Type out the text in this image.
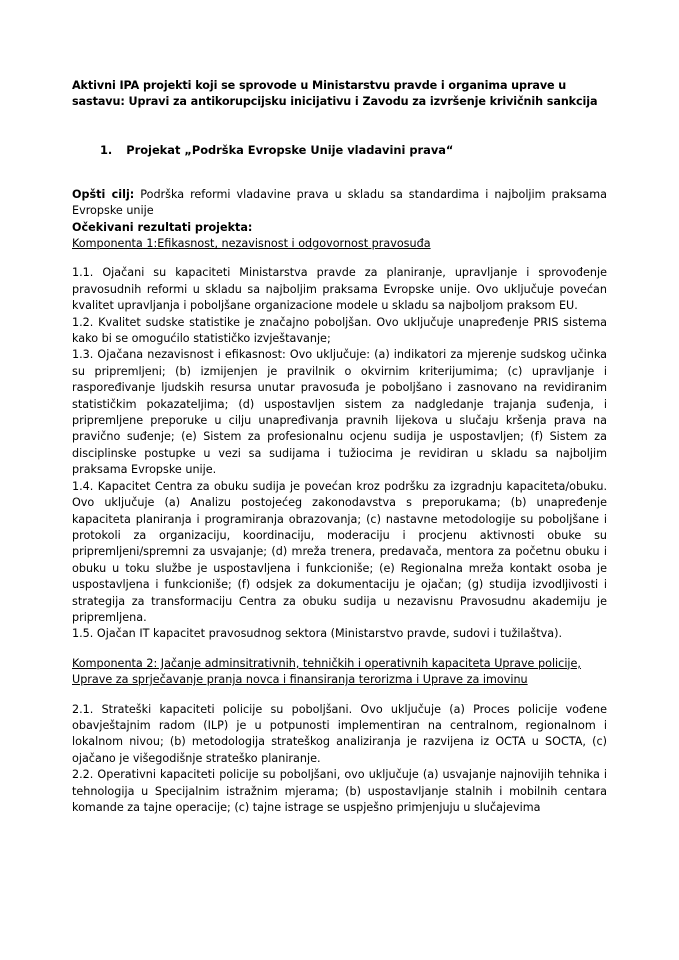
Aktivni IPA projekti koji se sprovode u Ministarstvu pravde i organima uprave u sastavu: Upravi za antikorupcijsku inicijativu i Zavodu za izvršenje krivičnih sankcija
1. Projekat „Podrška Evropske Unije vladavini prava“

Opšti cilj: Podrška reformi vladavine prava u skladu sa standardima i najboljim praksama Evropske unije

Očekivani rezultati projekta:

Komponenta 1:Efikasnost, nezavisnost i odgovornost pravosuđa

1.1. Ojačani su kapaciteti Ministarstva pravde za planiranje, upravljanje i sprovođenje pravosudnih reformi u skladu sa najboljim praksama Evropske unije. Ovo uključuje povećan kvalitet upravljanja i poboljšane organizacione modele u skladu sa najboljom praksom EU.

1.2. Kvalitet sudske statistike je značajno poboljšan. Ovo uključuje unapređenje PRIS sistema kako bi se omogućilo statističko izvještavanje;

1.3. Ojačana nezavisnost i efikasnost: Ovo uključuje: (a) indikatori za mjerenje sudskog učinka su pripremljeni; (b) izmijenjen je pravilnik o okvirnim kriterijumima; (c) upravljanje i raspoređivanje ljudskih resursa unutar pravosuđa je poboljšano i zasnovano na revidiranim statističkim pokazateljima; (d) uspostavljen sistem za nadgledanje trajanja suđenja, i pripremljene preporuke u cilju unapređivanja pravnih lijekova u slučaju kršenja prava na pravično suđenje; (e) Sistem za profesionalnu ocjenu sudija je uspostavljen; (f) Sistem za disciplinske postupke u vezi sa sudijama i tužiocima je revidiran u skladu sa najboljim praksama Evropske unije.

1.4. Kapacitet Centra za obuku sudija je povećan kroz podršku za izgradnju kapaciteta/obuku. Ovo uključuje (a) Analizu postojećeg zakonodavstva s preporukama; (b) unapređenje kapaciteta planiranja i programiranja obrazovanja; (c) nastavne metodologije su poboljšane i protokoli za organizaciju, koordinaciju, moderaciju i procjenu aktivnosti obuke su pripremljeni/spremni za usvajanje; (d) mreža trenera, predavača, mentora za početnu obuku i obuku u toku službe je uspostavljena i funkcioniše; (e) Regionalna mreža kontakt osoba je uspostavljena i funkcioniše; (f) odsjek za dokumentaciju je ojačan; (g) studija izvodljivosti i strategija za transformaciju Centra za obuku sudija u nezavisnu Pravosudnu akademiju je pripremljena.

1.5. Ojačan IT kapacitet pravosudnog sektora (Ministarstvo pravde, sudovi i tužilaštva).

Komponenta 2: Jačanje adminsitrativnih, tehničkih i operativnih kapaciteta Uprave policije,

Uprave za sprječavanje pranja novca i finansiranja terorizma i Uprave za imovinu

2.1. Strateški kapaciteti policije su poboljšani. Ovo uključuje (a) Proces policije vođene obavještajnim radom (ILP) je u potpunosti implementiran na centralnom, regionalnom i lokalnom nivou; (b) metodologija strateškog analiziranja je razvijena iz OCTA u SOCTA, (c) ojačano je višegodišnje strateško planiranje.

2.2. Operativni kapaciteti policije su poboljšani, ovo uključuje (a) usvajanje najnovijih tehnika i tehnologija u Specijalnim istražnim mjerama; (b) uspostavljanje stalnih i mobilnih centara komande za tajne operacije; (c) tajne istrage se uspješno primjenjuju u slučajevima
